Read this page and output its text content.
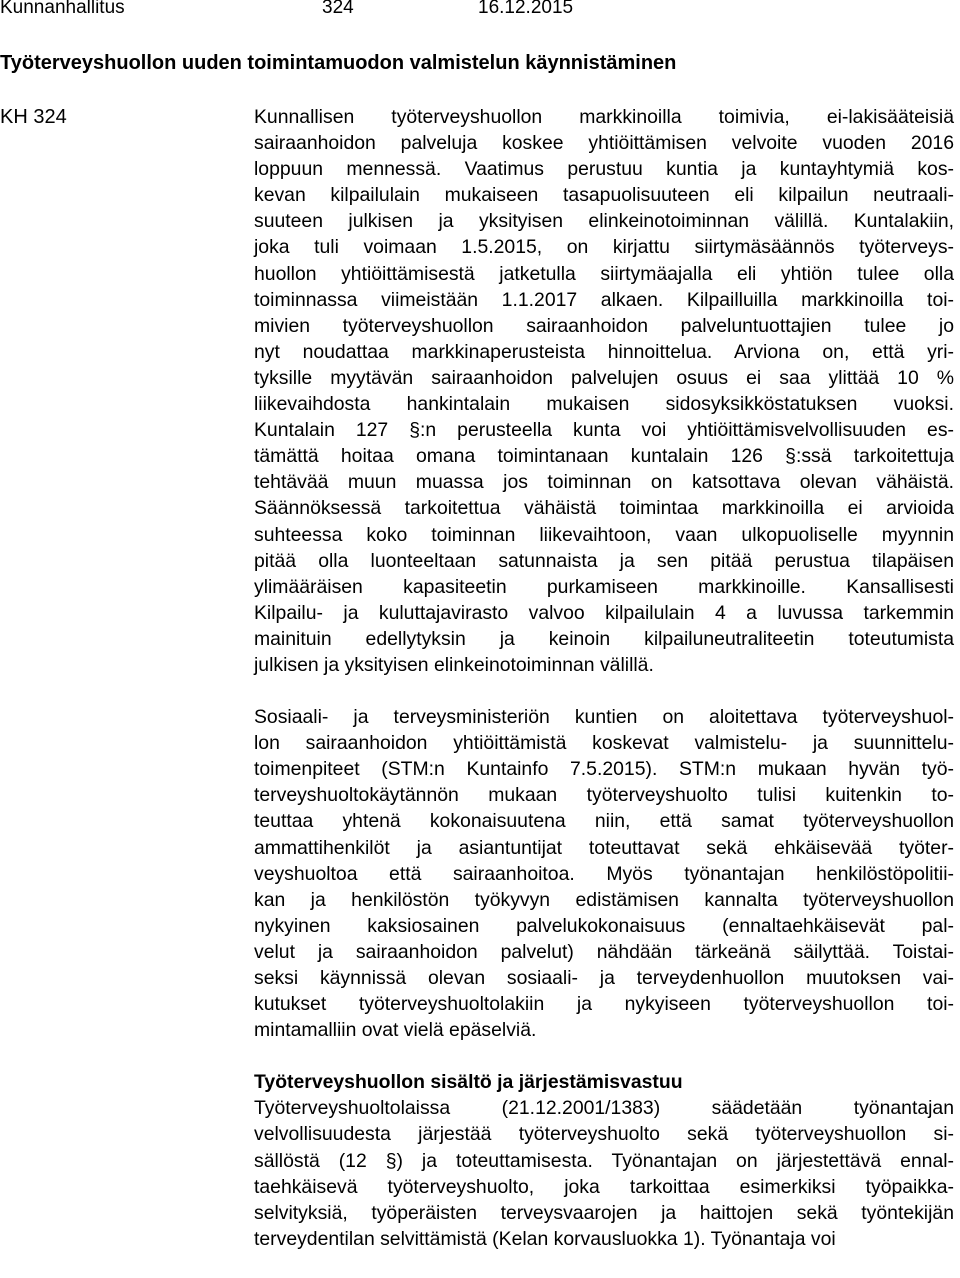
Kunnanhallitus	324	16.12.2015
Työterveyshuollon uuden toimintamuodon valmistelun käynnistäminen
KH 324	Kunnallisen työterveyshuollon markkinoilla toimivia, ei-lakisääteisiä
sairaanhoidon palveluja koskee yhtiöittämisen velvoite vuoden 2016
loppuun mennessä. Vaatimus perustuu kuntia ja kuntayhtymiä kos-
kevan kilpailulain mukaiseen tasapuolisuuteen eli kilpailun neutraali-
suuteen julkisen ja yksityisen elinkeinotoiminnan välillä. Kuntalakiin,
joka tuli voimaan 1.5.2015, on kirjattu siirtymäsäännös työterveys-
huollon yhtiöittämisestä jatketulla siirtymäajalla eli yhtiön tulee olla
toiminnassa viimeistään 1.1.2017 alkaen. Kilpailluilla markkinoilla toi-
mivien työterveyshuollon sairaanhoidon palveluntuottajien tulee jo
nyt noudattaa markkinaperusteista hinnoittelua. Arviona on, että yri-
tyksille myytävän sairaanhoidon palvelujen osuus ei saa ylittää 10 %
liikevaihdosta hankintalain mukaisen sidosyksikköstatuksen vuoksi.
Kuntalain 127 §:n perusteella kunta voi yhtiöittämisvelvollisuuden es-
tämättä hoitaa omana toimintanaan kuntalain 126 §:ssä tarkoitettuja
tehtävää muun muassa jos toiminnan on katsottava olevan vähäistä.
Säännöksessä tarkoitettua vähäistä toimintaa markkinoilla ei arvioida
suhteessa koko toiminnan liikevaihtoon, vaan ulkopuoliselle myynnin
pitää olla luonteeltaan satunnaista ja sen pitää perustua tilapäisen
ylimääräisen kapasiteetin purkamiseen markkinoille. Kansallisesti
Kilpailu- ja kuluttajavirasto valvoo kilpailulain 4 a luvussa tarkemmin
mainituin edellytyksin ja keinoin kilpailuneutraliteetin toteutumista
julkisen ja yksityisen elinkeinotoiminnan välillä.

Sosiaali- ja terveysministeriön kuntien on aloitettava työterveyshuol-
lon sairaanhoidon yhtiöittämistä koskevat valmistelu- ja suunnittelu-
toimenpiteet (STM:n Kuntainfo 7.5.2015). STM:n mukaan hyvän työ-
terveyshuoltokäytännön mukaan työterveyshuolto tulisi kuitenkin to-
teuttaa yhtenä kokonaisuutena niin, että samat työterveyshuollon
ammattihenkilöt ja asiantuntijat toteuttavat sekä ehkäisevää työter-
veyshuoltoa että sairaanhoitoa. Myös työnantajan henkilöstöpolitii-
kan ja henkilöstön työkyvyn edistämisen kannalta työterveyshuollon
nykyinen kaksiosainen palvelukokonaisuus (ennaltaehkäisevät pal-
velut ja sairaanhoidon palvelut) nähdään tärkeänä säilyttää. Toistai-
seksi käynnissä olevan sosiaali- ja terveydenhuollon muutoksen vai-
kutukset työterveyshuoltolakiin ja nykyiseen työterveyshuollon toi-
mintamalliin ovat vielä epäselviä.

Työterveyshuollon sisältö ja järjestämisvastuu

Työterveyshuoltolaissa (21.12.2001/1383) säädetään työnantajan
velvollisuudesta järjestää työterveyshuolto sekä työterveyshuollon si-
sällöstä (12 §) ja toteuttamisesta. Työnantajan on järjestettävä ennal-
taehkäisevä työterveyshuolto, joka tarkoittaa esimerkiksi työpaikka-
selvityksiä, työperäisten terveysvaarojen ja haittojen sekä työntekijän
terveydentilan selvittämistä (Kelan korvausluokka 1). Työnantaja voi
